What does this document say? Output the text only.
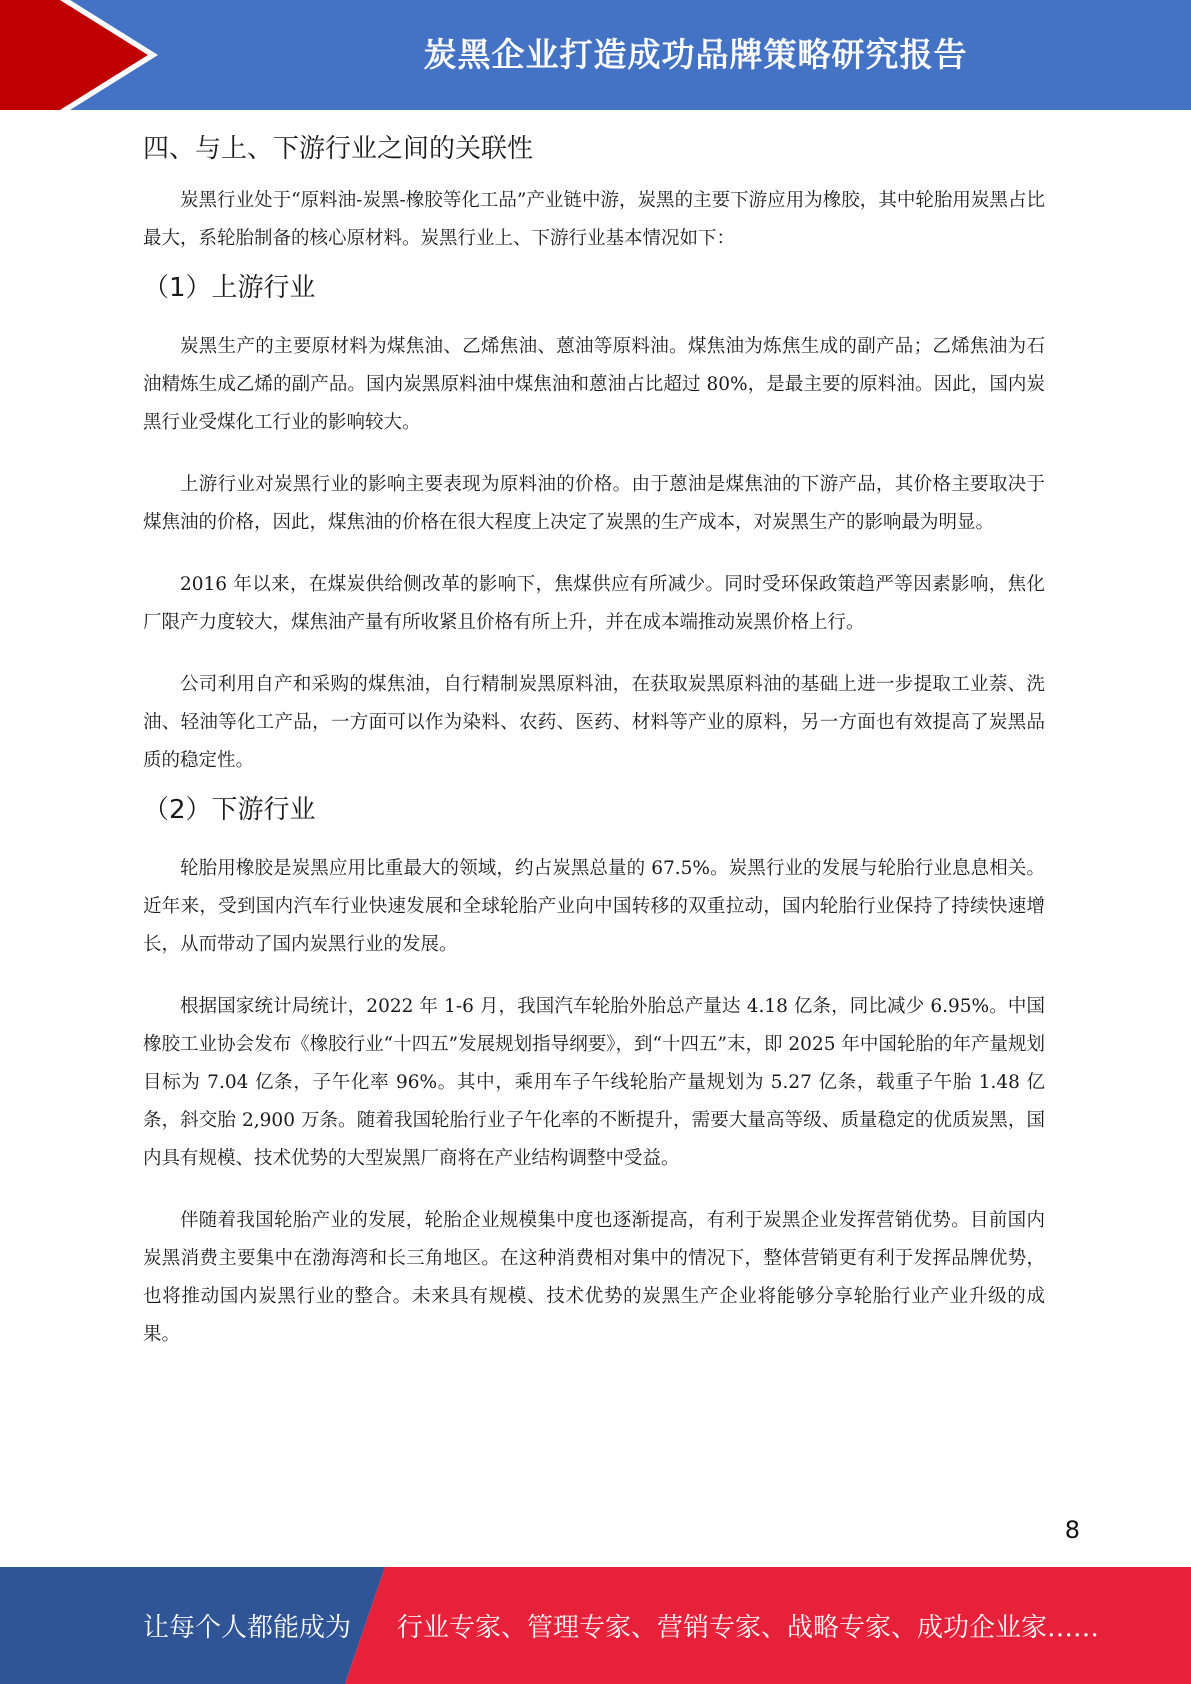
炭黑企业打造成功品牌策略研究报告
四、与上、下游行业之间的关联性

炭黑行业处于“原料油-炭黑-橡胶等化工品”产业链中游，炭黑的主要下游应用为橡胶，其中轮胎用炭黑占比最大，系轮胎制备的核心原材料。炭黑行业上、下游行业基本情况如下：

（1）上游行业

炭黑生产的主要原材料为煤焦油、乙烯焦油、蒽油等原料油。煤焦油为炼焦生成的副产品；乙烯焦油为石油精炼生成乙烯的副产品。国内炭黑原料油中煤焦油和蒽油占比超过 80%，是最主要的原料油。因此，国内炭黑行业受煤化工行业的影响较大。

上游行业对炭黑行业的影响主要表现为原料油的价格。由于蒽油是煤焦油的下游产品，其价格主要取决于煤焦油的价格，因此，煤焦油的价格在很大程度上决定了炭黑的生产成本，对炭黑生产的影响最为明显。

2016 年以来，在煤炭供给侧改革的影响下，焦煤供应有所减少。同时受环保政策趋严等因素影响，焦化厂限产力度较大，煤焦油产量有所收紧且价格有所上升，并在成本端推动炭黑价格上行。

公司利用自产和采购的煤焦油，自行精制炭黑原料油，在获取炭黑原料油的基础上进一步提取工业萘、洗油、轻油等化工产品，一方面可以作为染料、农药、医药、材料等产业的原料，另一方面也有效提高了炭黑品质的稳定性。

（2）下游行业

轮胎用橡胶是炭黑应用比重最大的领域，约占炭黑总量的 67.5%。炭黑行业的发展与轮胎行业息息相关。近年来，受到国内汽车行业快速发展和全球轮胎产业向中国转移的双重拉动，国内轮胎行业保持了持续快速增长，从而带动了国内炭黑行业的发展。

根据国家统计局统计，2022 年 1-6 月，我国汽车轮胎外胎总产量达 4.18 亿条，同比减少 6.95%。中国橡胶工业协会发布《橡胶行业“十四五”发展规划指导纲要》，到“十四五”末，即 2025 年中国轮胎的年产量规划目标为 7.04 亿条，子午化率 96%。其中，乘用车子午线轮胎产量规划为 5.27 亿条，载重子午胎 1.48 亿条，斜交胎 2,900 万条。随着我国轮胎行业子午化率的不断提升，需要大量高等级、质量稳定的优质炭黑，国内具有规模、技术优势的大型炭黑厂商将在产业结构调整中受益。

伴随着我国轮胎产业的发展，轮胎企业规模集中度也逐渐提高，有利于炭黑企业发挥营销优势。目前国内炭黑消费主要集中在渤海湾和长三角地区。在这种消费相对集中的情况下，整体营销更有利于发挥品牌优势，也将推动国内炭黑行业的整合。未来具有规模、技术优势的炭黑生产企业将能够分享轮胎行业产业升级的成果。

8
让每个人都能成为 行业专家、管理专家、营销专家、战略专家、成功企业家……
